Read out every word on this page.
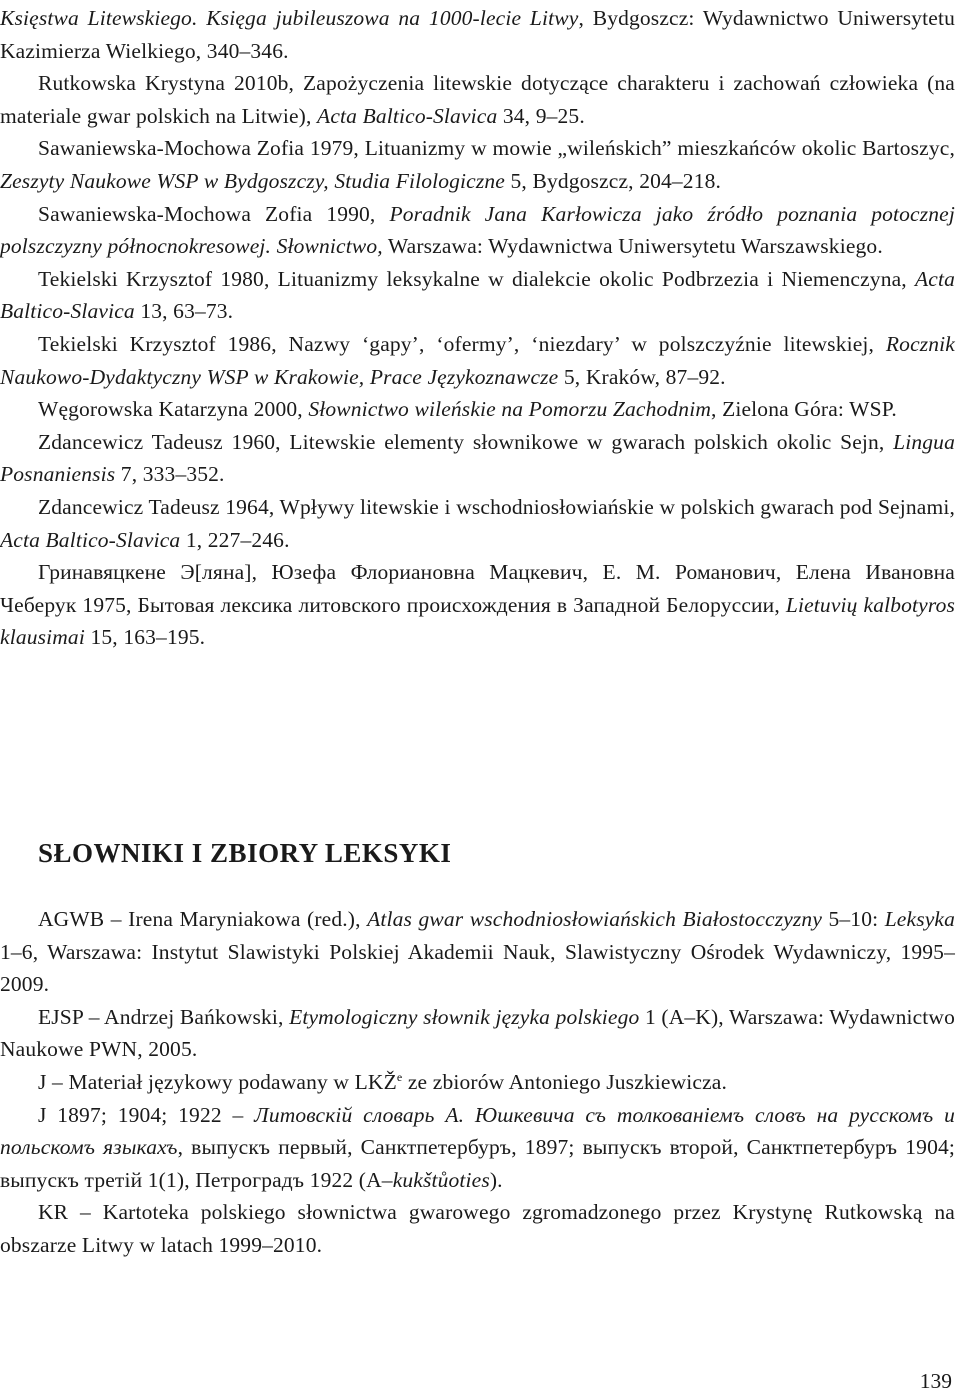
Księstwa Litewskiego. Księga jubileuszowa na 1000-lecie Litwy, Bydgoszcz: Wydawnictwo Uniwersytetu Kazimierza Wielkiego, 340–346.

Rutkowska Krystyna 2010b, Zapożyczenia litewskie dotyczące charakteru i zachowań człowieka (na materiale gwar polskich na Litwie), Acta Baltico-Slavica 34, 9–25.

Sawaniewska-Mochowa Zofia 1979, Lituanizmy w mowie „wileńskich” mieszkańców okolic Bartoszyc, Zeszyty Naukowe WSP w Bydgoszczy, Studia Filologiczne 5, Bydgoszcz, 204–218.

Sawaniewska-Mochowa Zofia 1990, Poradnik Jana Karłowicza jako źródło poznania potocznej polszczyzny północnokresowej. Słownictwo, Warszawa: Wydawnictwa Uniwersytetu Warszawskiego.

Tekielski Krzysztof 1980, Lituanizmy leksykalne w dialekcie okolic Podbrzezia i Niemenczyna, Acta Baltico-Slavica 13, 63–73.

Tekielski Krzysztof 1986, Nazwy ‘gapy’, ‘ofermy’, ‘niezdary’ w polszczyźnie litewskiej, Rocznik Naukowo-Dydaktyczny WSP w Krakowie, Prace Językoznawcze 5, Kraków, 87–92.

Węgorowska Katarzyna 2000, Słownictwo wileńskie na Pomorzu Zachodnim, Zielona Góra: WSP.

Zdancewicz Tadeusz 1960, Litewskie elementy słownikowe w gwarach polskich okolic Sejn, Lingua Posnaniensis 7, 333–352.

Zdancewicz Tadeusz 1964, Wpływy litewskie i wschodniosłowiańskie w polskich gwarach pod Sejnami, Acta Baltico-Slavica 1, 227–246.

Гринавяцкене Э[ляна], Юзефа Флориановна Мацкевич, Е. М. Романович, Елена Ивановна Чеберук 1975, Бытовая лексика литовского происхождения в Западной Белоруссии, Lietuvių kalbotyros klausimai 15, 163–195.

SŁOWNIKI I ZBIORY LEKSYKI

AGWB – Irena Maryniakowa (red.), Atlas gwar wschodniosłowiańskich Białostocczyzny 5–10: Leksyka 1–6, Warszawa: Instytut Slawistyki Polskiej Akademii Nauk, Slawistyczny Ośrodek Wydawniczy, 1995–2009.

EJSP – Andrzej Bańkowski, Etymologiczny słownik języka polskiego 1 (A–K), Warszawa: Wydawnictwo Naukowe PWN, 2005.

J – Materiał językowy podawany w LKŽ$^e$ ze zbiorów Antoniego Juszkiewicza.

J 1897; 1904; 1922 – Литовскiй словарь А. Юшкевича съ толкованiемъ словъ на русскомъ и польскомъ языкахъ, выпускъ первый, Санктпетербуръ, 1897; выпускъ второй, Санктпетербуръ 1904; выпускъ третiй 1(1), Петроградъ 1922 (A–kukštůoties).

KR – Kartoteka polskiego słownictwa gwarowego zgromadzonego przez Krystynę Rutkowską na obszarze Litwy w latach 1999–2010.

139
